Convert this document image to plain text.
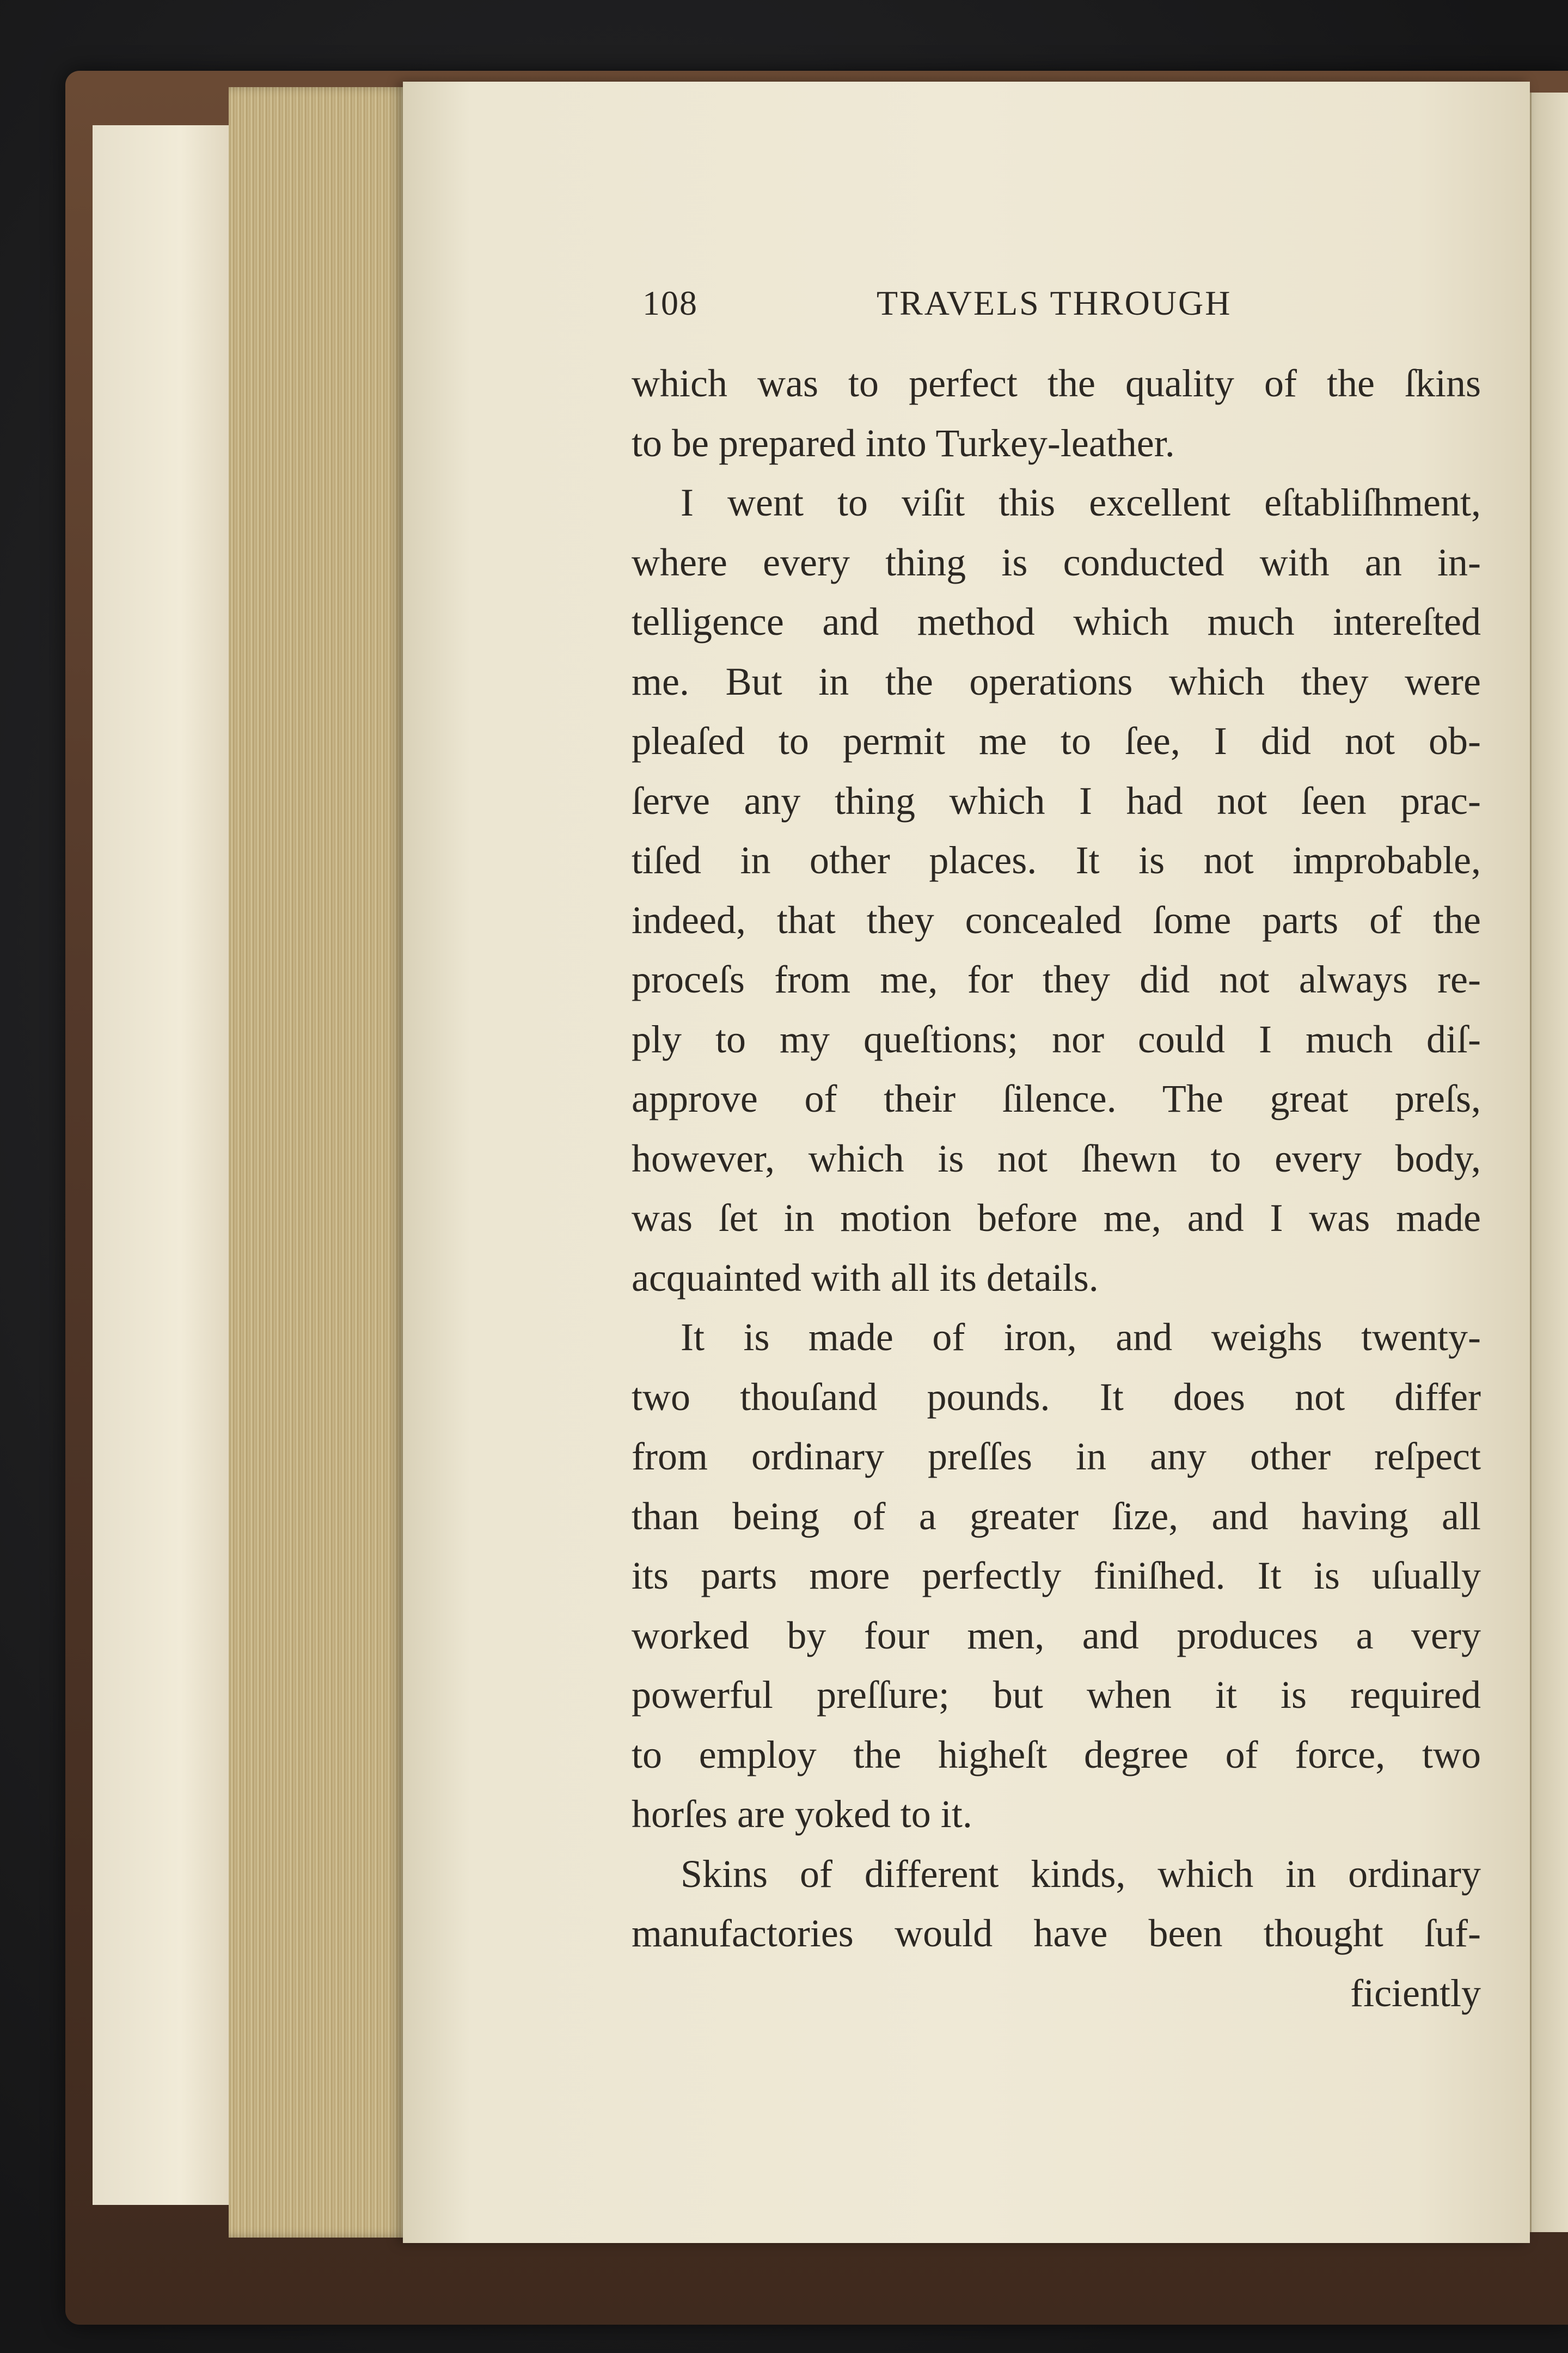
108	TRAVELS THROUGH
which was to perfect the quality of the ſkins
to be prepared into Turkey-leather.
I went to viſit this excellent eſtabliſhment,
where every thing is conducted with an in-
telligence and method which much intereſted
me. But in the operations which they were
pleaſed to permit me to ſee, I did not ob-
ſerve any thing which I had not ſeen prac-
tiſed in other places. It is not improbable,
indeed, that they concealed ſome parts of the
proceſs from me, for they did not always re-
ply to my queſtions; nor could I much diſ-
approve of their ſilence. The great preſs,
however, which is not ſhewn to every body,
was ſet in motion before me, and I was made
acquainted with all its details.
It is made of iron, and weighs twenty-
two thouſand pounds. It does not differ
from ordinary preſſes in any other reſpect
than being of a greater ſize, and having all
its parts more perfectly finiſhed. It is uſually
worked by four men, and produces a very
powerful preſſure; but when it is required
to employ the higheſt degree of force, two
horſes are yoked to it.
Skins of different kinds, which in ordinary
manufactories would have been thought ſuf-
ficiently
